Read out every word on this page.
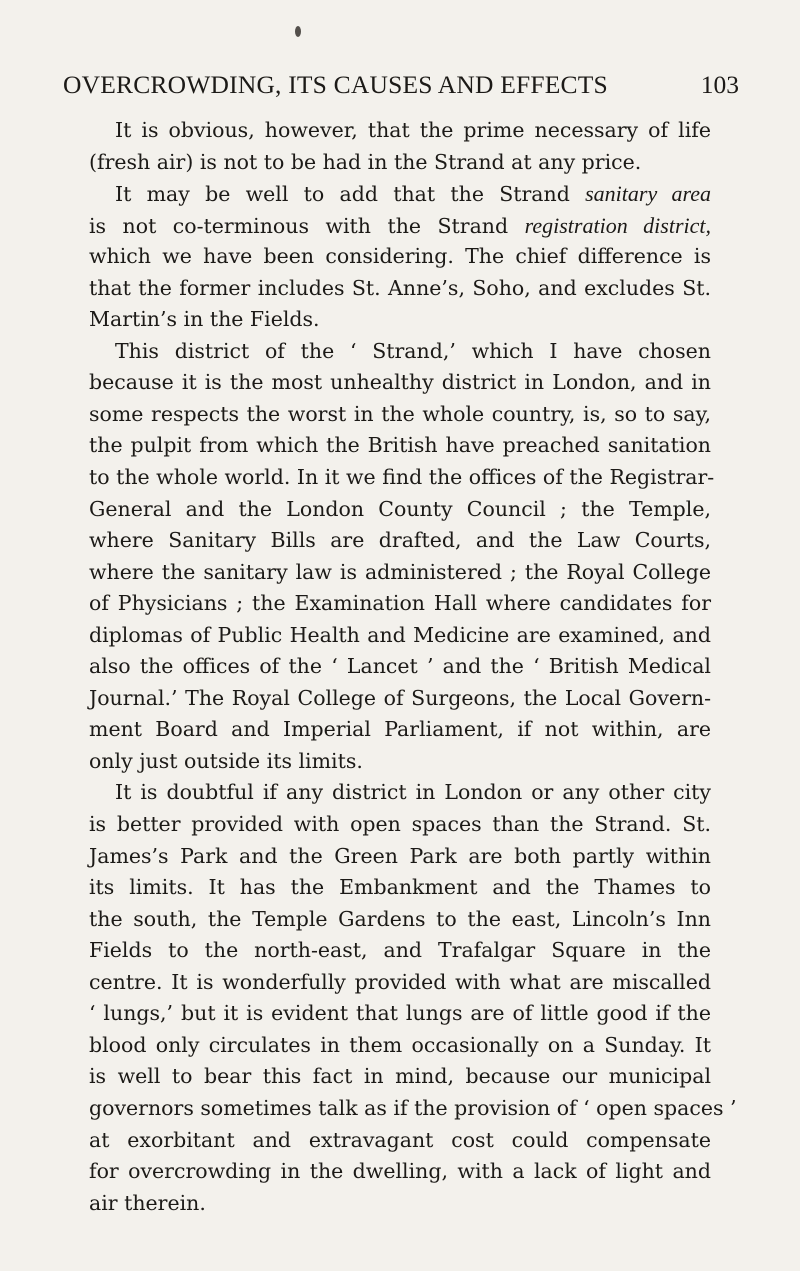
OVERCROWDING, ITS CAUSES AND EFFECTS	103
It is obvious, however, that the prime necessary of life
(fresh air) is not to be had in the Strand at any price.
It may be well to add that the Strand sanitary area
is not co-terminous with the Strand registration district,
which we have been considering. The chief difference is
that the former includes St. Anne’s, Soho, and excludes St.
Martin’s in the Fields.
This district of the ‘ Strand,’ which I have chosen
because it is the most unhealthy district in London, and in
some respects the worst in the whole country, is, so to say,
the pulpit from which the British have preached sanitation
to the whole world. In it we find the offices of the Registrar-
General and the London County Council ; the Temple,
where Sanitary Bills are drafted, and the Law Courts,
where the sanitary law is administered ; the Royal College
of Physicians ; the Examination Hall where candidates for
diplomas of Public Health and Medicine are examined, and
also the offices of the ‘ Lancet ’ and the ‘ British Medical
Journal.’ The Royal College of Surgeons, the Local Govern-
ment Board and Imperial Parliament, if not within, are
only just outside its limits.
It is doubtful if any district in London or any other city
is better provided with open spaces than the Strand. St.
James’s Park and the Green Park are both partly within
its limits. It has the Embankment and the Thames to
the south, the Temple Gardens to the east, Lincoln’s Inn
Fields to the north-east, and Trafalgar Square in the
centre. It is wonderfully provided with what are miscalled
‘ lungs,’ but it is evident that lungs are of little good if the
blood only circulates in them occasionally on a Sunday. It
is well to bear this fact in mind, because our municipal
governors sometimes talk as if the provision of ‘ open spaces ’
at exorbitant and extravagant cost could compensate
for overcrowding in the dwelling, with a lack of light and
air therein.
